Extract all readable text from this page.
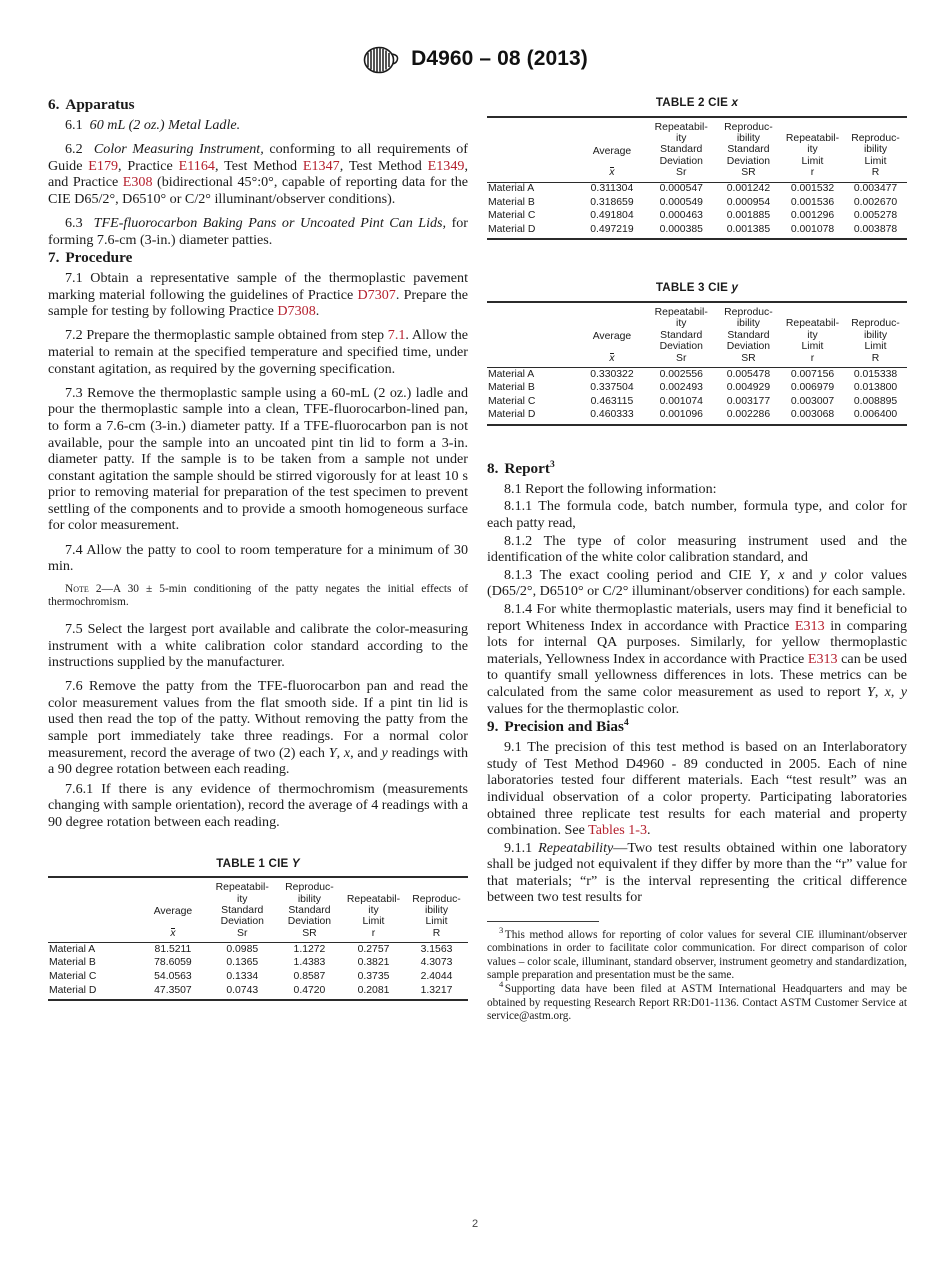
D4960 – 08 (2013)
6. Apparatus

6.1 60 mL (2 oz.) Metal Ladle.

6.2 Color Measuring Instrument, conforming to all requirements of Guide E179, Practice E1164, Test Method E1347, Test Method E1349, and Practice E308 (bidirectional 45°:0°, capable of reporting data for the CIE D65/2°, D6510° or C/2° illuminant/observer conditions).

6.3 TFE-fluorocarbon Baking Pans or Uncoated Pint Can Lids, for forming 7.6-cm (3-in.) diameter patties.

7. Procedure

7.1 Obtain a representative sample of the thermoplastic pavement marking material following the guidelines of Practice D7307. Prepare the sample for testing by following Practice D7308.

7.2 Prepare the thermoplastic sample obtained from step 7.1. Allow the material to remain at the specified temperature and specified time, under constant agitation, as required by the governing specification.

7.3 Remove the thermoplastic sample using a 60-mL (2 oz.) ladle and pour the thermoplastic sample into a clean, TFE-fluorocarbon-lined pan, to form a 7.6-cm (3-in.) diameter patty. If a TFE-fluorocarbon pan is not available, pour the sample into an uncoated pint tin lid to form a 3-in. diameter patty. If the sample is to be taken from a sample not under constant agitation the sample should be stirred vigorously for at least 10 s prior to removing material for preparation of the test specimen to prevent settling of the components and to provide a smooth homogeneous surface for color measurement.

7.4 Allow the patty to cool to room temperature for a minimum of 30 min.

Note 2—A 30 ± 5-min conditioning of the patty negates the initial effects of thermochromism.

7.5 Select the largest port available and calibrate the color-measuring instrument with a white calibration color standard according to the instructions supplied by the manufacturer.

7.6 Remove the patty from the TFE-fluorocarbon pan and read the color measurement values from the flat smooth side. If a pint tin lid is used then read the top of the patty. Without removing the patty from the sample port immediately take three readings. For a normal color measurement, record the average of two (2) each Y, x, and y readings with a 90 degree rotation between each reading.

7.6.1 If there is any evidence of thermochromism (measurements changing with sample orientation), record the average of 4 readings with a 90 degree rotation between each reading.

TABLE 1 CIE Y
	Average
x	Repeatabil-
ity
Standard
Deviation
Sr	Reproduc-
ibility
Standard
Deviation
SR	Repeatabil-
ity
Limit
r	Reproduc-
ibility
Limit
R
Material A	81.5211	0.0985	1.1272	0.2757	3.1563
Material B	78.6059	0.1365	1.4383	0.3821	4.3073
Material C	54.0563	0.1334	0.8587	0.3735	2.4044
Material D	47.3507	0.0743	0.4720	0.2081	1.3217
TABLE 2 CIE x
	Average
x	Repeatabil-
ity
Standard
Deviation
Sr	Reproduc-
ibility
Standard
Deviation
SR	Repeatabil-
ity
Limit
r	Reproduc-
ibility
Limit
R
Material A	0.311304	0.000547	0.001242	0.001532	0.003477
Material B	0.318659	0.000549	0.000954	0.001536	0.002670
Material C	0.491804	0.000463	0.001885	0.001296	0.005278
Material D	0.497219	0.000385	0.001385	0.001078	0.003878
TABLE 3 CIE y
	Average
x	Repeatabil-
ity
Standard
Deviation
Sr	Reproduc-
ibility
Standard
Deviation
SR	Repeatabil-
ity
Limit
r	Reproduc-
ibility
Limit
R
Material A	0.330322	0.002556	0.005478	0.007156	0.015338
Material B	0.337504	0.002493	0.004929	0.006979	0.013800
Material C	0.463115	0.001074	0.003177	0.003007	0.008895
Material D	0.460333	0.001096	0.002286	0.003068	0.006400
8. Report$^3$

8.1 Report the following information:

8.1.1 The formula code, batch number, formula type, and color for each patty read,

8.1.2 The type of color measuring instrument used and the identification of the white color calibration standard, and

8.1.3 The exact cooling period and CIE Y, x and y color values (D65/2°, D6510° or C/2° illuminant/observer conditions) for each sample.

8.1.4 For white thermoplastic materials, users may find it beneficial to report Whiteness Index in accordance with Practice E313 in comparing lots for internal QA purposes. Similarly, for yellow thermoplastic materials, Yellowness Index in accordance with Practice E313 can be used to quantify small yellowness differences in lots. These metrics can be calculated from the same color measurement as used to report Y, x, y values for the thermoplastic color.

9. Precision and Bias$^4$

9.1 The precision of this test method is based on an Interlaboratory study of Test Method D4960 - 89 conducted in 2005. Each of nine laboratories tested four different materials. Each “test result” was an individual observation of a color property. Participating laboratories obtained three replicate test results for each material and property combination. See Tables 1-3.

9.1.1 Repeatability—Two test results obtained within one laboratory shall be judged not equivalent if they differ by more than the “r” value for that materials; “r” is the interval representing the critical difference between two test results for

$^3$ This method allows for reporting of color values for several CIE illuminant/observer combinations in order to facilitate color communication. For direct comparison of color values – color scale, illuminant, standard observer, instrument geometry and standardization, sample preparation and presentation must be the same.

$^4$ Supporting data have been filed at ASTM International Headquarters and may be obtained by requesting Research Report RR:D01-1136. Contact ASTM Customer Service at service@astm.org.

2
